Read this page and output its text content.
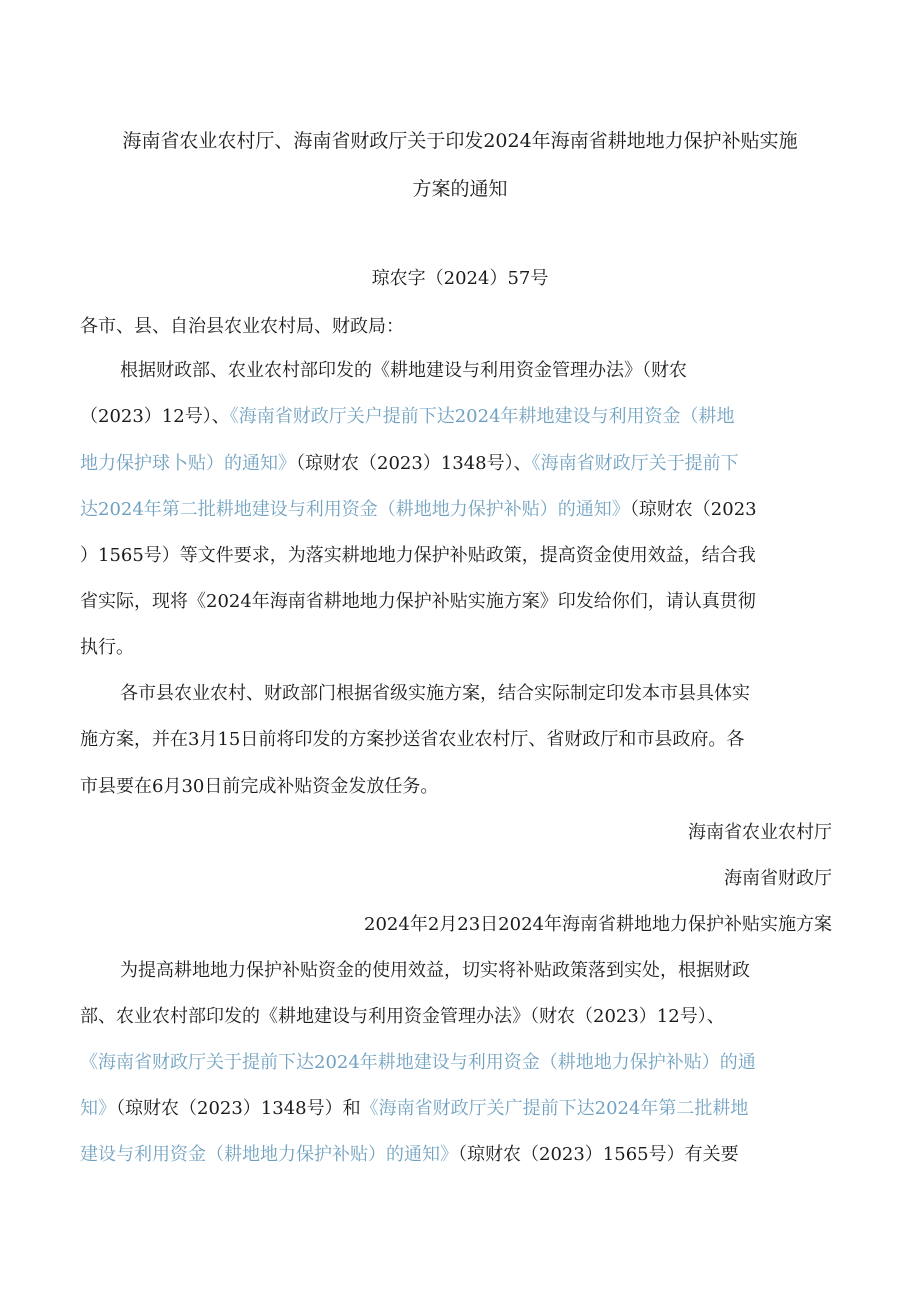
海南省农业农村厅、海南省财政厅关于印发2024年海南省耕地地力保护补贴实施
方案的通知
琼农字（2024）57号
各市、县、自治县农业农村局、财政局：
根据财政部、农业农村部印发的《耕地建设与利用资金管理办法》（财农
（2023）12号）、《海南省财政厅关户提前下达2024年耕地建设与利用资金（耕地
地力保护球卜贴）的通知》（琼财农（2023）1348号）、《海南省财政厅关于提前下
达2024年第二批耕地建设与利用资金（耕地地力保护补贴）的通知》（琼财农（2023
）1565号）等文件要求，为落实耕地地力保护补贴政策，提高资金使用效益，结合我
省实际，现将《2024年海南省耕地地力保护补贴实施方案》印发给你们，请认真贯彻
执行。
各市县农业农村、财政部门根据省级实施方案，结合实际制定印发本市县具体实
施方案，并在3月15日前将印发的方案抄送省农业农村厅、省财政厅和市县政府。各
市县要在6月30日前完成补贴资金发放任务。
海南省农业农村厅
海南省财政厅
2024年2月23日2024年海南省耕地地力保护补贴实施方案
为提高耕地地力保护补贴资金的使用效益，切实将补贴政策落到实处，根据财政
部、农业农村部印发的《耕地建设与利用资金管理办法》（财农（2023）12号）、
《海南省财政厅关于提前下达2024年耕地建设与利用资金（耕地地力保护补贴）的通
知》（琼财农（2023）1348号）和《海南省财政厅关广提前下达2024年第二批耕地
建设与利用资金（耕地地力保护补贴）的通知》（琼财农（2023）1565号）有关要
